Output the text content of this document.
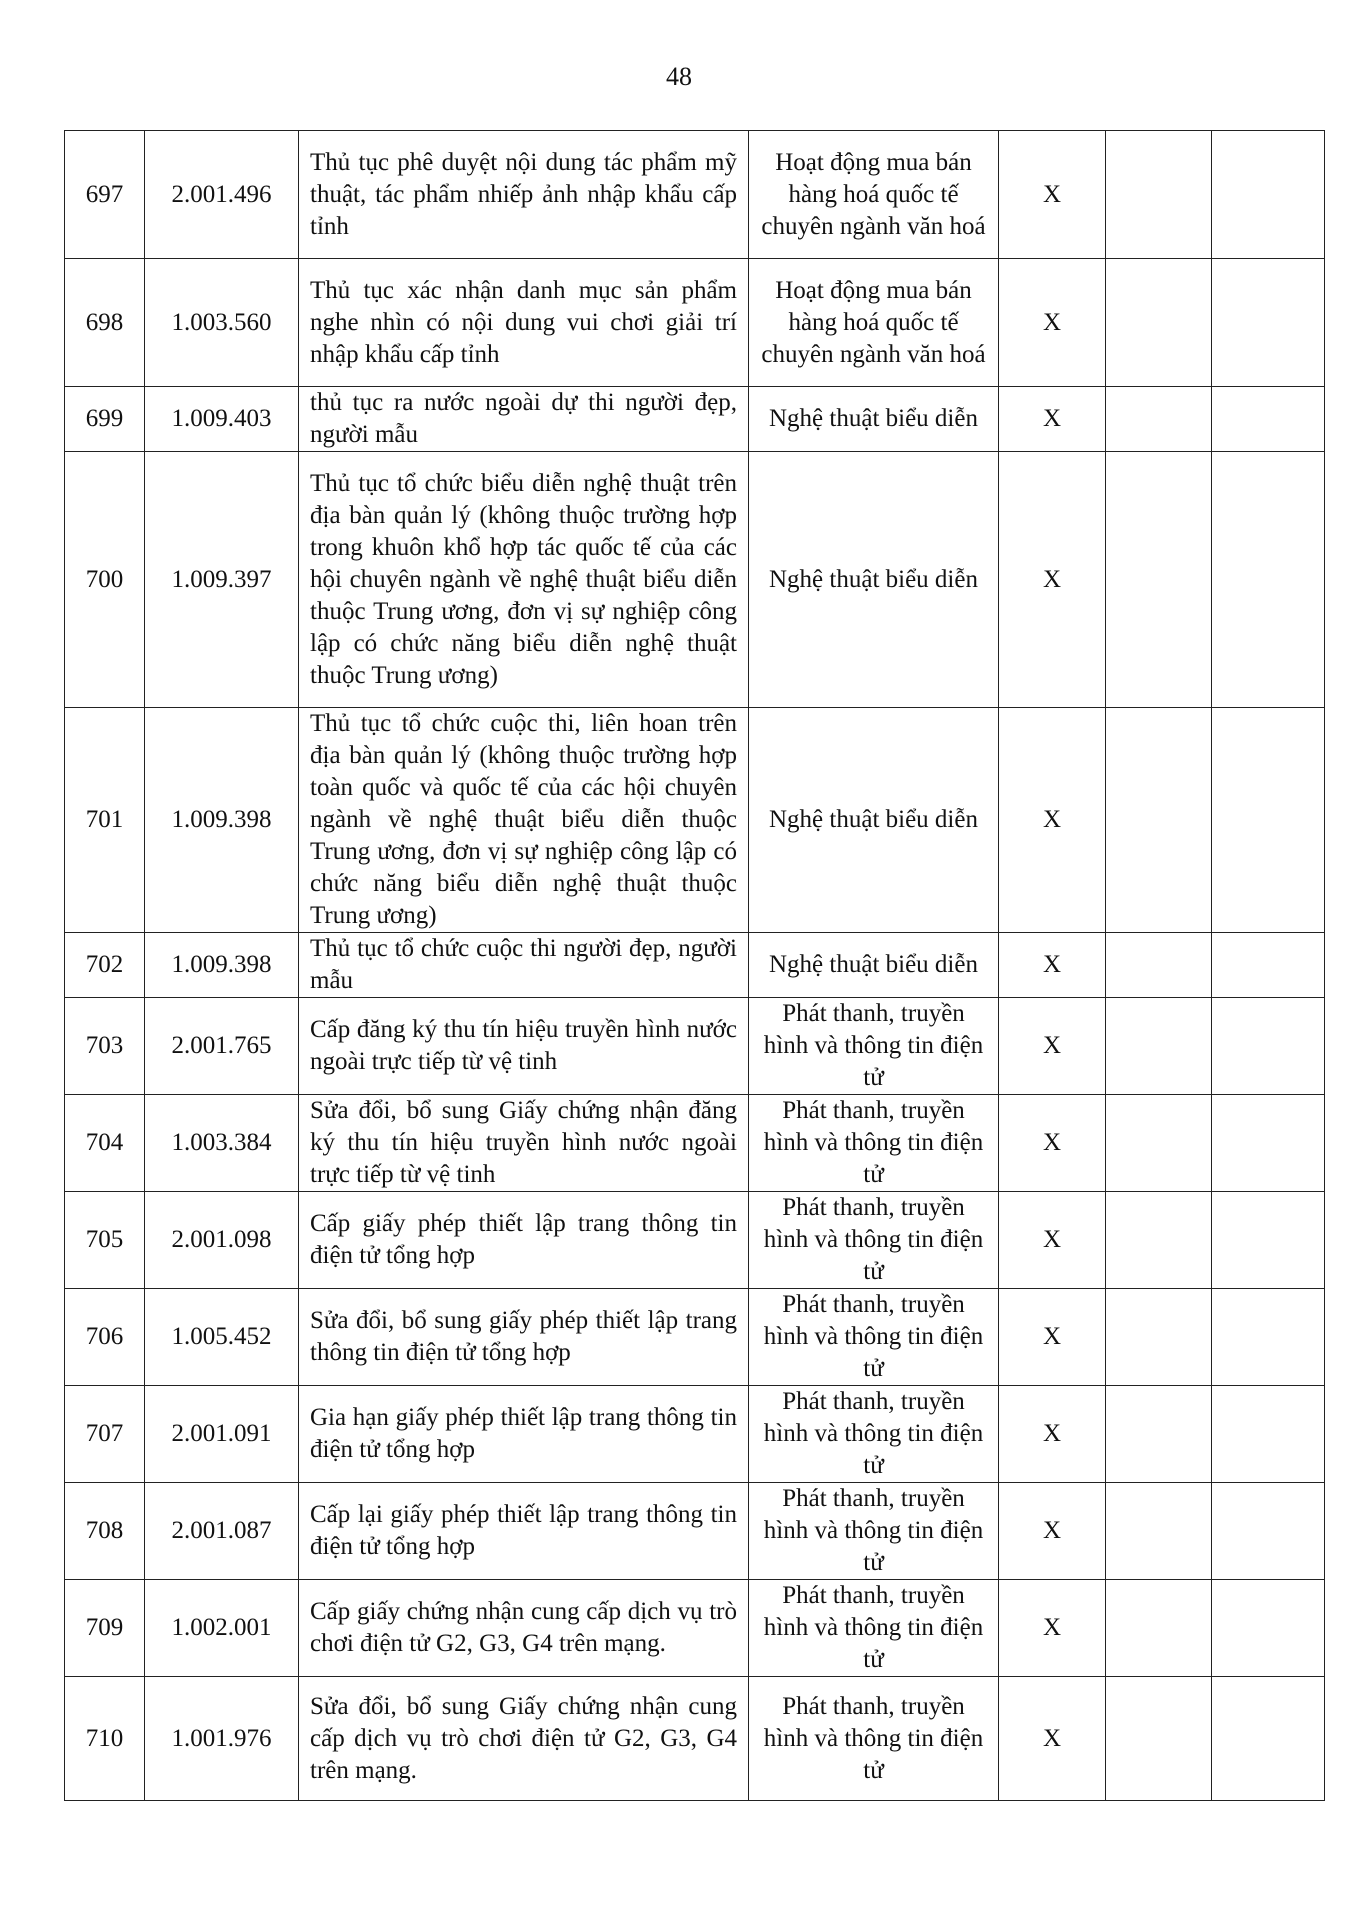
48
697	2.001.496	Thủ tục phê duyệt nội dung tác phẩm mỹ thuật, tác phẩm nhiếp ảnh nhập khẩu cấp tỉnh	Hoạt động mua bán hàng hoá quốc tế chuyên ngành văn hoá	X		
698	1.003.560	Thủ tục xác nhận danh mục sản phẩm nghe nhìn có nội dung vui chơi giải trí nhập khẩu cấp tỉnh	Hoạt động mua bán hàng hoá quốc tế chuyên ngành văn hoá	X		
699	1.009.403	thủ tục ra nước ngoài dự thi người đẹp, người mẫu	Nghệ thuật biểu diễn	X		
700	1.009.397	Thủ tục tổ chức biểu diễn nghệ thuật trên địa bàn quản lý (không thuộc trường hợp trong khuôn khổ hợp tác quốc tế của các hội chuyên ngành về nghệ thuật biểu diễn thuộc Trung ương, đơn vị sự nghiệp công lập có chức năng biểu diễn nghệ thuật thuộc Trung ương)	Nghệ thuật biểu diễn	X		
701	1.009.398	Thủ tục tổ chức cuộc thi, liên hoan trên địa bàn quản lý (không thuộc trường hợp toàn quốc và quốc tế của các hội chuyên ngành về nghệ thuật biểu diễn thuộc Trung ương, đơn vị sự nghiệp công lập có chức năng biểu diễn nghệ thuật thuộc Trung ương)	Nghệ thuật biểu diễn	X		
702	1.009.398	Thủ tục tổ chức cuộc thi người đẹp, người mẫu	Nghệ thuật biểu diễn	X		
703	2.001.765	Cấp đăng ký thu tín hiệu truyền hình nước ngoài trực tiếp từ vệ tinh	Phát thanh, truyền hình và thông tin điện tử	X		
704	1.003.384	Sửa đổi, bổ sung Giấy chứng nhận đăng ký thu tín hiệu truyền hình nước ngoài trực tiếp từ vệ tinh	Phát thanh, truyền hình và thông tin điện tử	X		
705	2.001.098	Cấp giấy phép thiết lập trang thông tin điện tử tổng hợp	Phát thanh, truyền hình và thông tin điện tử	X		
706	1.005.452	Sửa đổi, bổ sung giấy phép thiết lập trang thông tin điện tử tổng hợp	Phát thanh, truyền hình và thông tin điện tử	X		
707	2.001.091	Gia hạn giấy phép thiết lập trang thông tin điện tử tổng hợp	Phát thanh, truyền hình và thông tin điện tử	X		
708	2.001.087	Cấp lại giấy phép thiết lập trang thông tin điện tử tổng hợp	Phát thanh, truyền hình và thông tin điện tử	X		
709	1.002.001	Cấp giấy chứng nhận cung cấp dịch vụ trò chơi điện tử G2, G3, G4 trên mạng.	Phát thanh, truyền hình và thông tin điện tử	X		
710	1.001.976	Sửa đổi, bổ sung Giấy chứng nhận cung cấp dịch vụ trò chơi điện tử G2, G3, G4 trên mạng.	Phát thanh, truyền hình và thông tin điện tử	X		
